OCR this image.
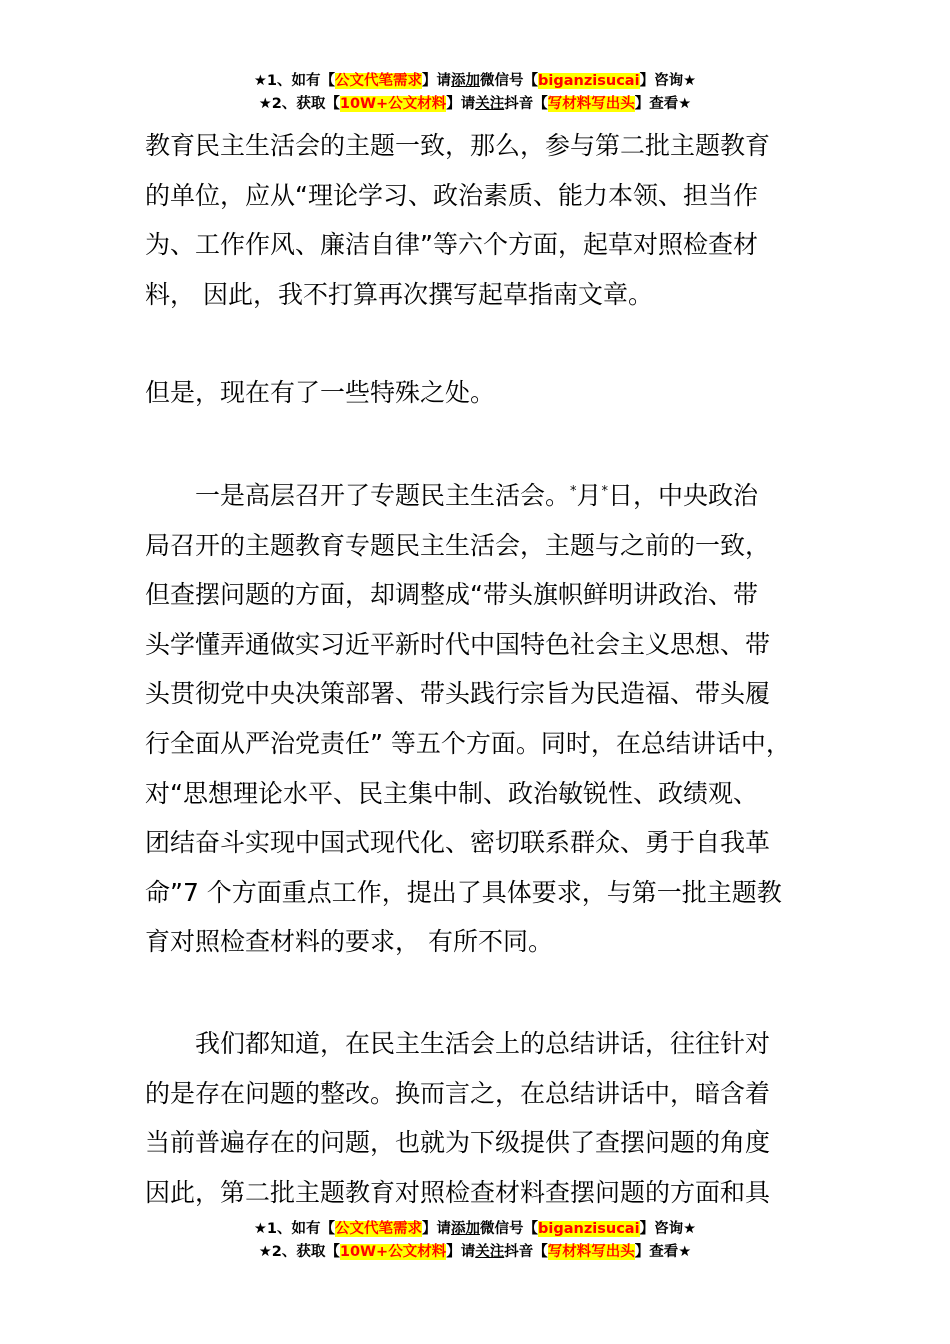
★1、如有【公文代笔需求】请添加微信号【biganzisucai】咨询★
★2、获取【10W+公文材料】请关注抖音【写材料写出头】查看★

教育民主生活会的主题一致，那么，参与第二批主题教育
的单位，应从“理论学习、政治素质、能力本领、担当作
为、工作作风、廉洁自律”等六个方面，起草对照检查材
料， 因此，我不打算再次撰写起草指南文章。

但是，现在有了一些特殊之处。

一是高层召开了专题民主生活会。*月*日，中央政治
局召开的主题教育专题民主生活会，主题与之前的一致，
但查摆问题的方面，却调整成“带头旗帜鲜明讲政治、带
头学懂弄通做实习近平新时代中国特色社会主义思想、带
头贯彻党中央决策部署、带头践行宗旨为民造福、带头履
行全面从严治党责任” 等五个方面。同时，在总结讲话中，
对“思想理论水平、民主集中制、政治敏锐性、政绩观、
团结奋斗实现中国式现代化、密切联系群众、勇于自我革
命”7 个方面重点工作，提出了具体要求，与第一批主题教
育对照检查材料的要求， 有所不同。

我们都知道，在民主生活会上的总结讲话，往往针对
的是存在问题的整改。换而言之，在总结讲话中，暗含着
当前普遍存在的问题，也就为下级提供了查摆问题的角度
因此，第二批主题教育对照检查材料查摆问题的方面和具

★1、如有【公文代笔需求】请添加微信号【biganzisucai】咨询★
★2、获取【10W+公文材料】请关注抖音【写材料写出头】查看★
